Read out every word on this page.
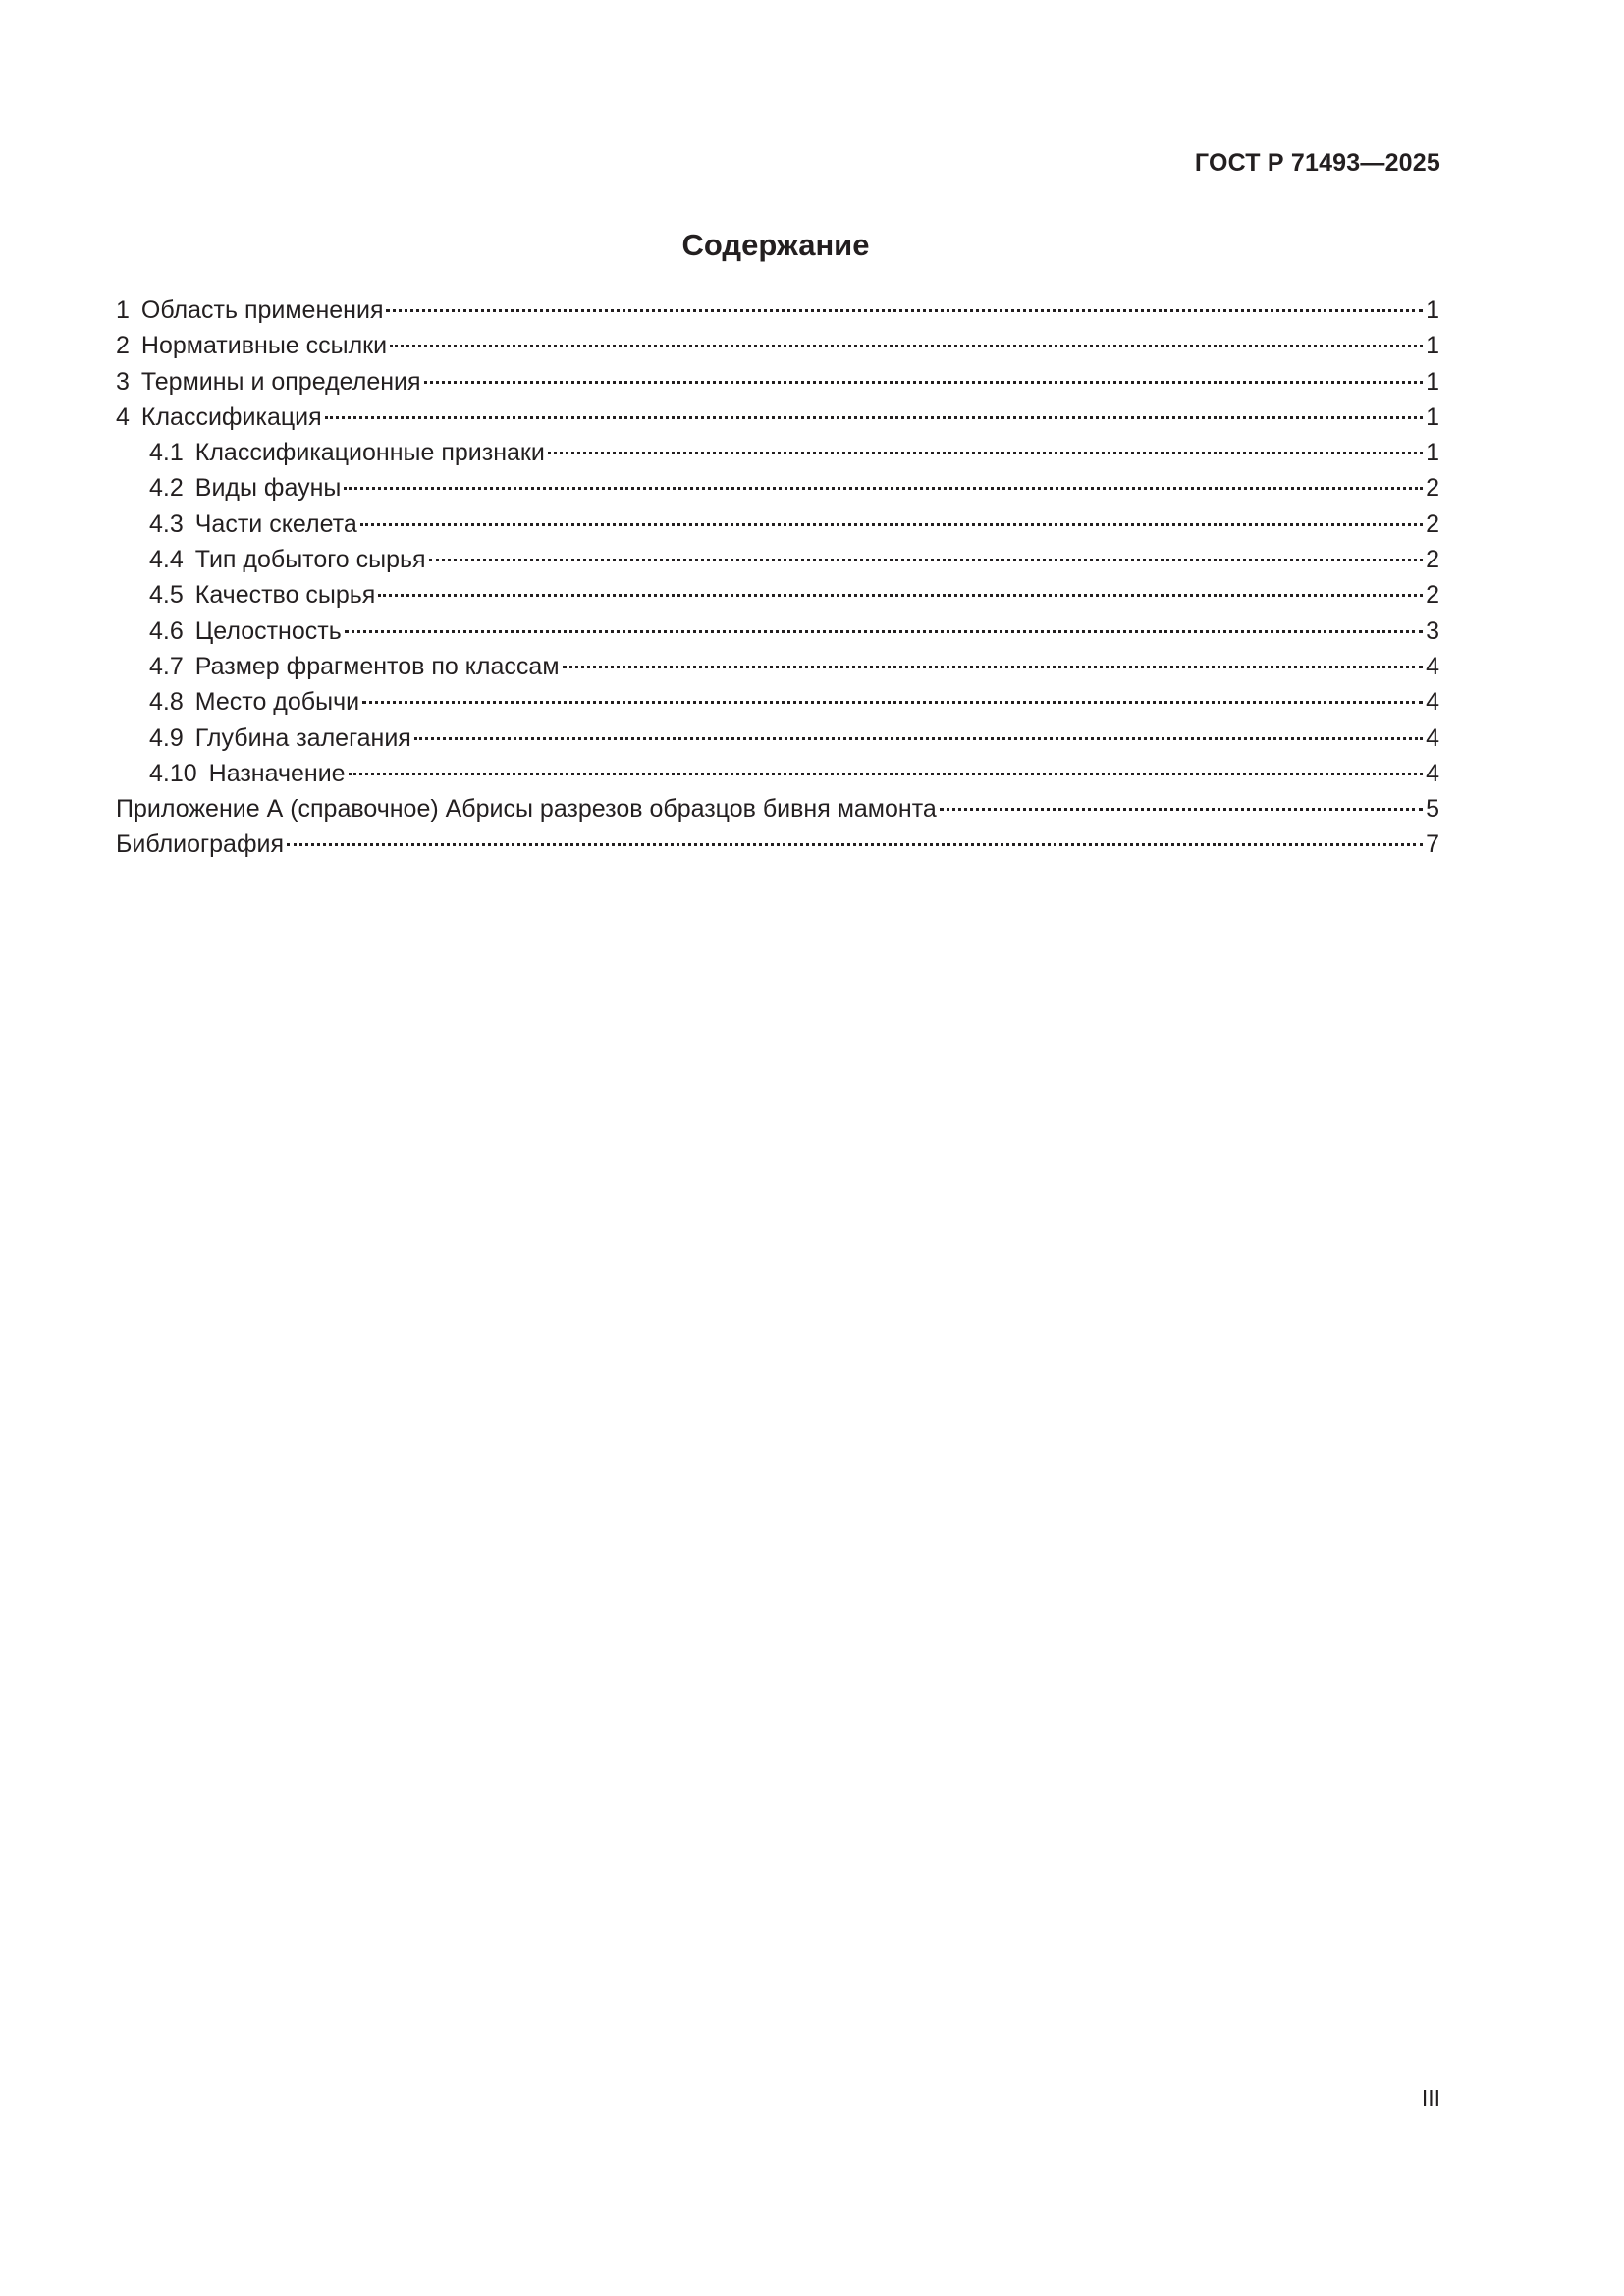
ГОСТ Р 71493—2025
Содержание
1 Область применения	1
2 Нормативные ссылки	1
3 Термины и определения	1
4 Классификация	1
4.1 Классификационные признаки	1
4.2 Виды фауны	2
4.3 Части скелета	2
4.4 Тип добытого сырья	2
4.5 Качество сырья	2
4.6 Целостность	3
4.7 Размер фрагментов по классам	4
4.8 Место добычи	4
4.9 Глубина залегания	4
4.10 Назначение	4
Приложение А (справочное) Абрисы разрезов образцов бивня мамонта	5
Библиография	7
III
